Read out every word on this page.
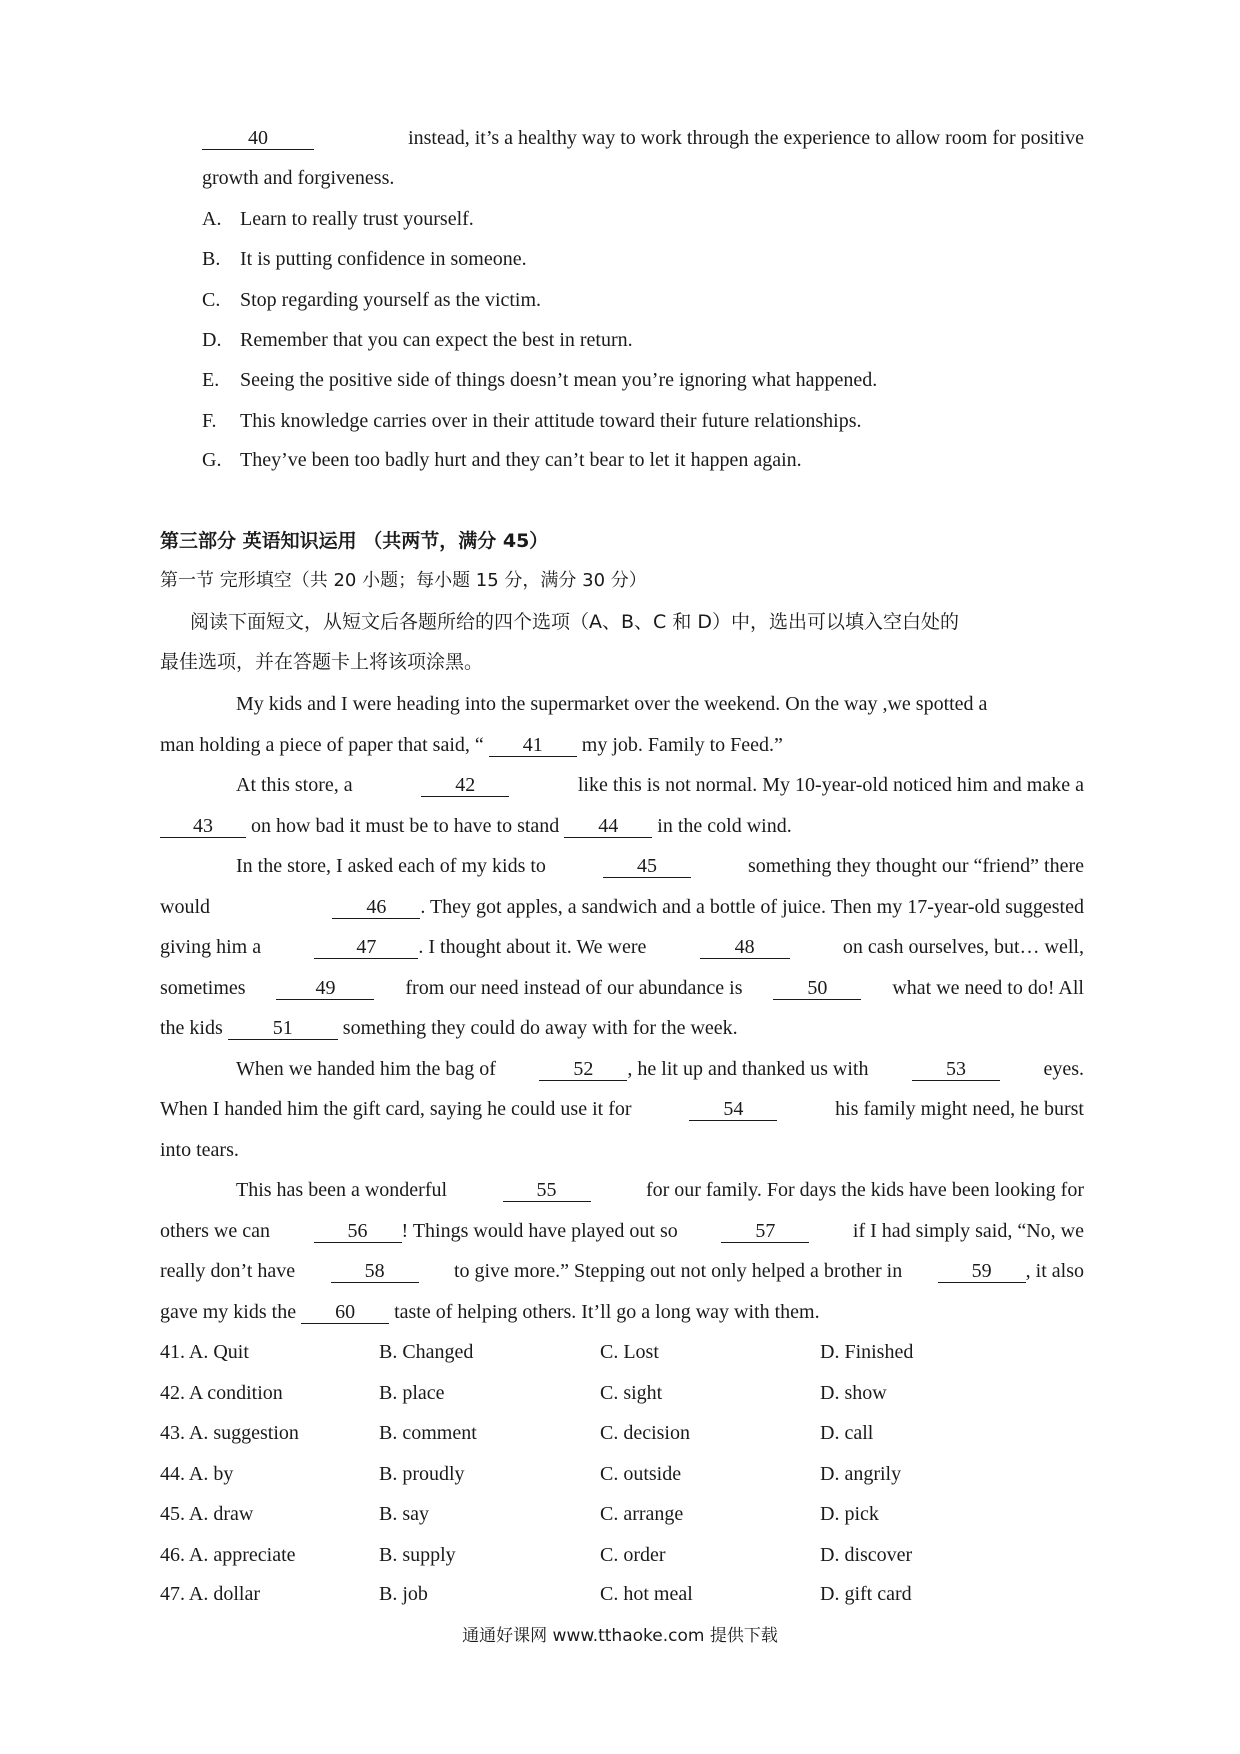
40	instead, it’s a healthy way to work through the experience to allow room for positive
growth and forgiveness.
A. Learn to really trust yourself.
B. It is putting confidence in someone.
C. Stop regarding yourself as the victim.
D. Remember that you can expect the best in return.
E. Seeing the positive side of things doesn’t mean you’re ignoring what happened.
F. This knowledge carries over in their attitude toward their future relationships.
G. They’ve been too badly hurt and they can’t bear to let it happen again.
第三部分 英语知识运用 （共两节，满分 45）
第一节 完形填空（共 20 小题；每小题 15 分，满分 30 分）
阅读下面短文，从短文后各题所给的四个选项（A、B、C 和 D）中，选出可以填入空白处的
最佳选项，并在答题卡上将该项涂黑。
My kids and I were heading into the supermarket over the weekend. On the way ,we spotted a
man holding a piece of paper that said, “ 41 my job. Family to Feed.”
At this store, a	42	like this is not normal. My 10-year-old noticed him and make a
43 on how bad it must be to have to stand 44 in the cold wind.
In the store, I asked each of my kids to	45	something they thought our “friend” there
would	46 . They got apples, a sandwich and a bottle of juice. Then my 17-year-old suggested
giving him a	47 . I thought about it. We were	48	on cash ourselves, but… well,
sometimes	49	from our need instead of our abundance is	50	what we need to do! All
the kids	51	something they could do away with for the week.
When we handed him the bag of	52 , he lit up and thanked us with	53	eyes.
When I handed him the gift card, saying he could use it for	54	his family might need, he burst
into tears.
This has been a wonderful	55	for our family. For days the kids have been looking for
others we can	56 ! Things would have played out so	57	if I had simply said, “No, we
really don’t have	58	to give more.” Stepping out not only helped a brother in	59 , it also
gave my kids the 60 taste of helping others. It’ll go a long way with them.
41. A. Quit	B. Changed	C. Lost	D. Finished
42. A condition	B. place	C. sight	D. show
43. A. suggestion	B. comment	C. decision	D. call
44. A. by	B. proudly	C. outside	D. angrily
45. A. draw	B. say	C. arrange	D. pick
46. A. appreciate	B. supply	C. order	D. discover
47. A. dollar	B. job	C. hot meal	D. gift card
通通好课网 www.tthaoke.com 提供下载
